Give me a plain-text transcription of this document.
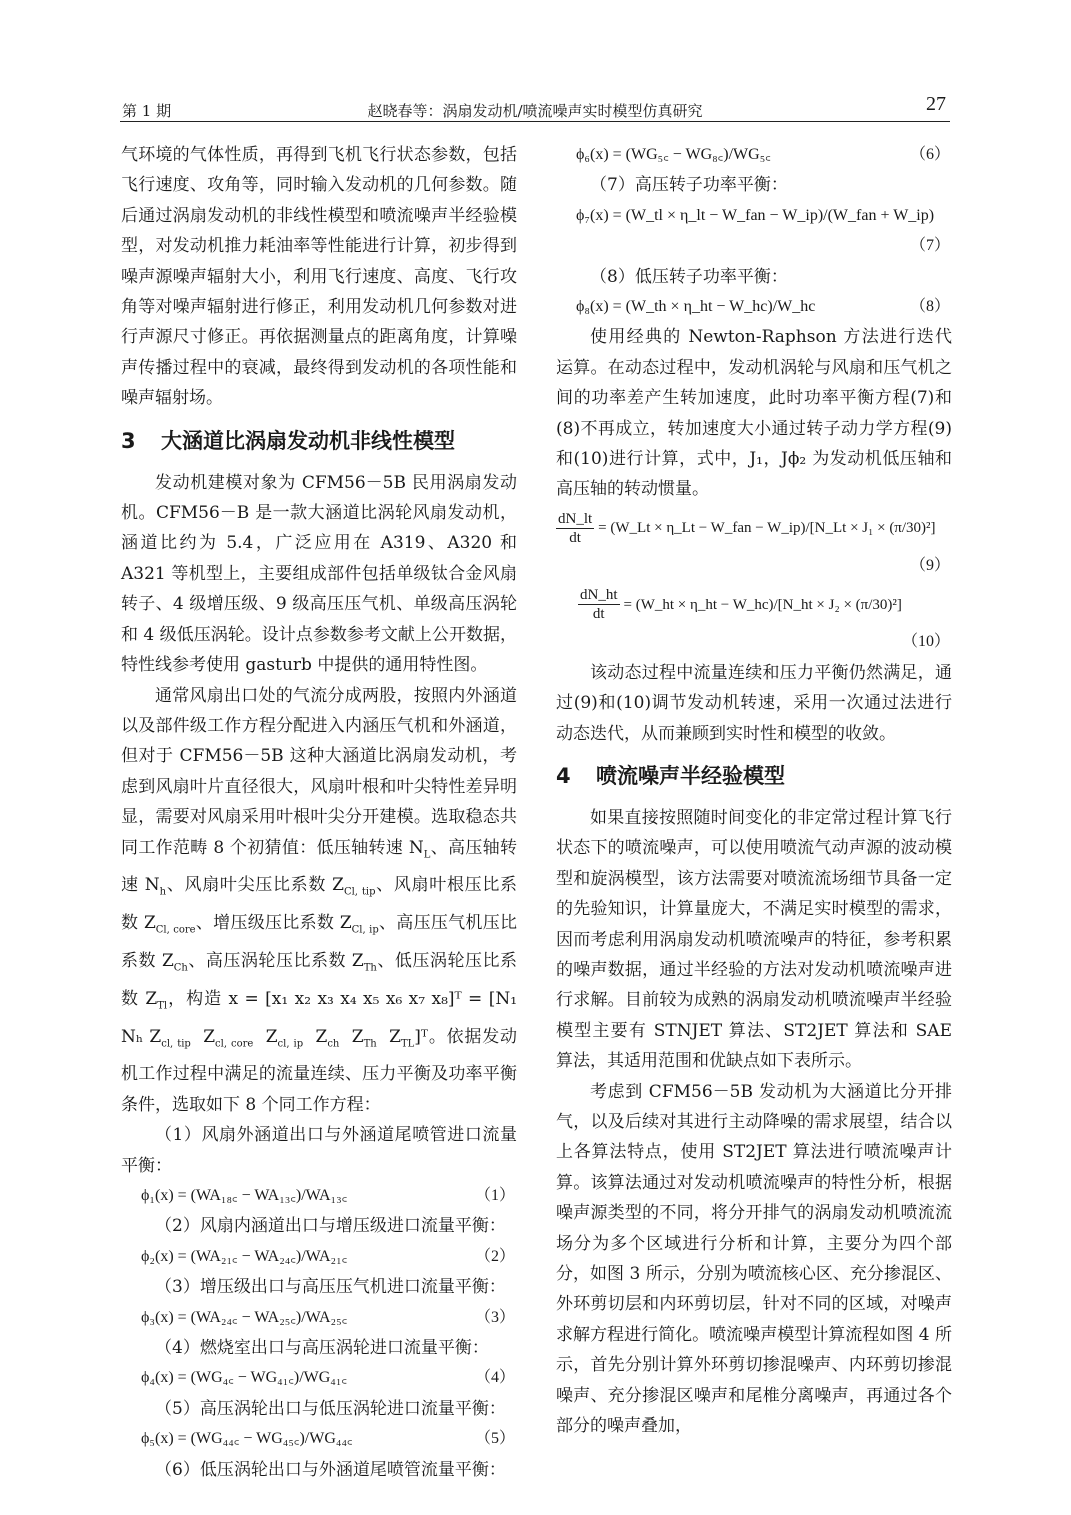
第 1 期	赵晓春等：涡扇发动机/喷流噪声实时模型仿真研究	27

气环境的气体性质，再得到飞机飞行状态参数，包括飞行速度、攻角等，同时输入发动机的几何参数。随后通过涡扇发动机的非线性模型和喷流噪声半经验模型，对发动机推力耗油率等性能进行计算，初步得到噪声源噪声辐射大小，利用飞行速度、高度、飞行攻角等对噪声辐射进行修正，利用发动机几何参数对进行声源尺寸修正。再依据测量点的距离角度，计算噪声传播过程中的衰减，最终得到发动机的各项性能和噪声辐射场。

3 大涵道比涡扇发动机非线性模型

发动机建模对象为 CFM56－5B 民用涡扇发动机。CFM56－B 是一款大涵道比涡轮风扇发动机，涵道比约为 5.4，广泛应用在 A319、A320 和 A321 等机型上，主要组成部件包括单级钛合金风扇转子、4 级增压级、9 级高压压气机、单级高压涡轮和 4 级低压涡轮。设计点参数参考文献上公开数据，特性线参考使用 gasturb 中提供的通用特性图。

通常风扇出口处的气流分成两股，按照内外涵道以及部件级工作方程分配进入内涵压气机和外涵道，但对于 CFM56－5B 这种大涵道比涡扇发动机，考虑到风扇叶片直径很大，风扇叶根和叶尖特性差异明显，需要对风扇采用叶根叶尖分开建模。选取稳态共同工作范畴 8 个初猜值：低压轴转速 $N_L$、高压轴转速 $N_h$、风扇叶尖压比系数 $Z_{Cl, tip}$、风扇叶根压比系数 $Z_{Cl, core}$、增压级压比系数 $Z_{Cl, ip}$、高压压气机压比系数 $Z_{Ch}$、高压涡轮压比系数 $Z_{Th}$、低压涡轮压比系数 $Z_{Tl}$，构造 x = [x₁ x₂ x₃ x₄ x₅ x₆ x₇ x₈]ᵀ = [N₁ Nₕ $Z_{cl, tip}$ $Z_{cl, core}$  $Z_{cl, ip}$  $Z_{ch}$  $Z_{Th}$  $Z_{TL}]ᵀ$。依据发动机工作过程中满足的流量连续、压力平衡及功率平衡条件，选取如下 8 个同工作方程：

（1）风扇外涵道出口与外涵道尾喷管进口流量平衡：

ϕ₁(x) = (WA₁₈꜀ − WA₁₃꜀)/WA₁₃꜀	（1）

（2）风扇内涵道出口与增压级进口流量平衡：

ϕ₂(x) = (WA₂₁꜀ − WA₂₄꜀)/WA₂₁꜀	（2）

（3）增压级出口与高压压气机进口流量平衡：

ϕ₃(x) = (WA₂₄꜀ − WA₂₅꜀)/WA₂₅꜀	（3）

（4）燃烧室出口与高压涡轮进口流量平衡：

ϕ₄(x) = (WG₄꜀ − WG₄₁꜀)/WG₄₁꜀	（4）

（5）高压涡轮出口与低压涡轮进口流量平衡：

ϕ₅(x) = (WG₄₄꜀ − WG₄₅꜀)/WG₄₄꜀	（5）

（6）低压涡轮出口与外涵道尾喷管流量平衡：

ϕ₆(x) = (WG₅꜀ − WG₈꜀)/WG₅꜀	（6）

（7）高压转子功率平衡：

ϕ₇(x) = (W_tl × η_lt − W_fan − W_ip)/(W_fan + W_ip)
（7）

（8）低压转子功率平衡：

ϕ₈(x) = (W_th × η_ht − W_hc)/W_hc	（8）

使用经典的 Newton-Raphson 方法进行迭代运算。在动态过程中，发动机涡轮与风扇和压气机之间的功率差产生转加速度，此时功率平衡方程(7)和(8)不再成立，转加速度大小通过转子动力学方程(9)和(10)进行计算，式中，J₁，Jϕ₂ 为发动机低压轴和高压轴的转动惯量。

$\frac{dN\_lt}{dt}$ = (W_Lt × η_Lt − W_fan − W_ip)/[N_Lt × J₁ × (π/30)²]
（9）
$\frac{dN\_ht}{dt}$ = (W_ht × η_ht − W_hc)/[N_ht × J₂ × (π/30)²]
（10）

该动态过程中流量连续和压力平衡仍然满足，通过(9)和(10)调节发动机转速，采用一次通过法进行动态迭代，从而兼顾到实时性和模型的收敛。

4 喷流噪声半经验模型

如果直接按照随时间变化的非定常过程计算飞行状态下的喷流噪声，可以使用喷流气动声源的波动模型和旋涡模型，该方法需要对喷流流场细节具备一定的先验知识，计算量庞大，不满足实时模型的需求，因而考虑利用涡扇发动机喷流噪声的特征，参考积累的噪声数据，通过半经验的方法对发动机喷流噪声进行求解。目前较为成熟的涡扇发动机喷流噪声半经验模型主要有 STNJET 算法、ST2JET 算法和 SAE 算法，其适用范围和优缺点如下表所示。

考虑到 CFM56－5B 发动机为大涵道比分开排气，以及后续对其进行主动降噪的需求展望，结合以上各算法特点，使用 ST2JET 算法进行喷流噪声计算。该算法通过对发动机喷流噪声的特性分析，根据噪声源类型的不同，将分开排气的涡扇发动机喷流流场分为多个区域进行分析和计算，主要分为四个部分，如图 3 所示，分别为喷流核心区、充分掺混区、外环剪切层和内环剪切层，针对不同的区域，对噪声求解方程进行简化。喷流噪声模型计算流程如图 4 所示，首先分别计算外环剪切掺混噪声、内环剪切掺混噪声、充分掺混区噪声和尾椎分离噪声，再通过各个部分的噪声叠加，
